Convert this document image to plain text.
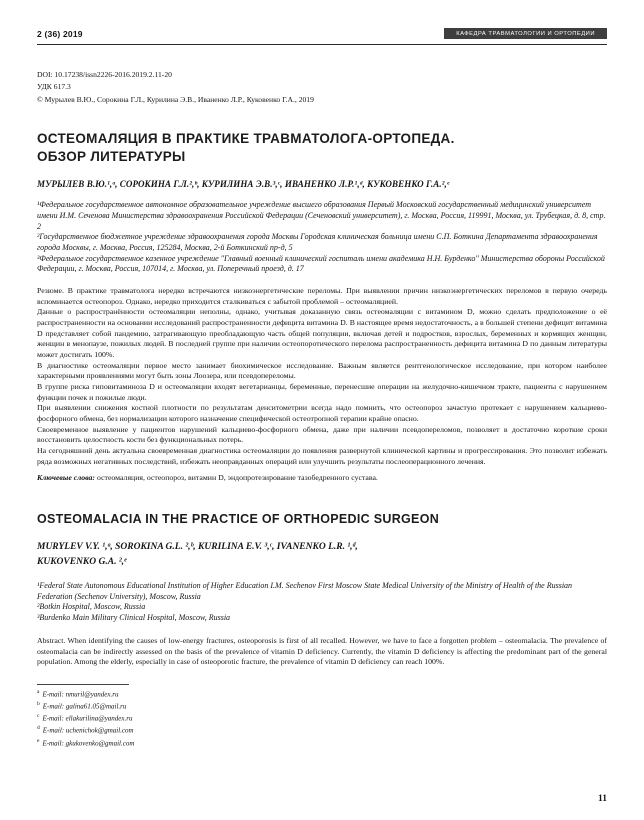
2 (36) 2019	КАФЕДРА ТРАВМАТОЛОГИИ И ОРТОПЕДИИ
DOI: 10.17238/issn2226-2016.2019.2.11-20
УДК 617.3
© Мурылев В.Ю., Сорокина Г.Л., Курилина Э.В., Иваненко Л.Р., Куковенко Г.А., 2019
ОСТЕОМАЛЯЦИЯ В ПРАКТИКЕ ТРАВМАТОЛОГА-ОРТОПЕДА.
ОБЗОР ЛИТЕРАТУРЫ
МУРЫЛЕВ В.Ю.¹,ᵃ, СОРОКИНА Г.Л.²,ᵇ, КУРИЛИНА Э.В.³,ᶜ, ИВАНЕНКО Л.Р.¹,ᵈ, КУКОВЕНКО Г.А.²,ᵉ

¹Федеральное государственное автономное образовательное учреждение высшего образования Первый Московский государственный медицинский университет имени И.М. Сеченова Министерства здравоохранения Российской Федерации (Сеченовский университет), г. Москва, Россия, 119991, Москва, ул. Трубецкая, д. 8, стр. 2

²Государственное бюджетное учреждение здравоохранения города Москвы Городская клиническая больница имени С.П. Боткина Департамента здравоохранения города Москвы, г. Москва, Россия, 125284, Москва, 2-й Боткинский пр-д, 5

³Федеральное государственное казенное учреждение "Главный военный клинический госпиталь имени академика Н.Н. Бурденко" Министерства обороны Российской Федерации, г. Москва, Россия, 107014, г. Москва, ул. Поперечный проезд, д. 17

Резюме. В практике травматолога нередко встречаются низкоэнергетические переломы. При выявлении причин низкоэнергетических переломов в первую очередь вспоминается остеопороз. Однако, нередко приходится сталкиваться с забытой проблемой – остеомаляцией.

Данные о распространённости остеомаляции неполны, однако, учитывая доказанную связь остеомаляции с витамином D, можно сделать предположение о её распространенности на основании исследований распространенности дефицита витамина D. В настоящее время недостаточность, а в большей степени дефицит витамина D представляет собой пандемию, затрагивающую преобладающую часть общей популяции, включая детей и подростков, взрослых, беременных и кормящих женщин, женщин в менопаузе, пожилых людей. В последней группе при наличии остеопоротического перелома распространенность дефицита витамина D по данным литературы может достигать 100%.

В диагностике остеомаляции первое место занимает биохимическое исследование. Важным является рентгенологическое исследование, при котором наиболее характерными проявлениями могут быть зоны Лоозера, или псевдопереломы.

В группе риска гиповитаминоза D и остеомаляции входят вегетарианцы, беременные, перенесшие операции на желудочно-кишечном тракте, пациенты с нарушением функции почек и пожилые люди.

При выявлении снижения костной плотности по результатам денситометрии всегда надо помнить, что остеопороз зачастую протекает с нарушением кальциево-фосфорного обмена, без нормализации которого назначение специфической остеотропной терапии крайне опасно.

Своевременное выявление у пациентов нарушений кальциево-фосфорного обмена, даже при наличии псевдопереломов, позволяет в достаточно короткие сроки восстановить целостность кости без функциональных потерь.

На сегодняшний день актуальна своевременная диагностика остеомаляции до появления развернутой клинической картины и прогрессирования. Это позволит избежать ряда возможных негативных последствий, избежать неоправданных операций или улучшить результаты послеоперационного лечения.

Ключевые слова: остеомаляция, остеопороз, витамин D, эндопротезирование тазобедренного сустава.
OSTEOMALACIA IN THE PRACTICE OF ORTHOPEDIC SURGEON
MURYLEV V.Y. ¹,ᵃ, SOROKINA G.L. ²,ᵇ, KURILINA E.V. ³,ᶜ, IVANENKO L.R. ¹,ᵈ,
KUKOVENKO G.A. ²,ᵉ

¹Federal State Autonomous Educational Institution of Higher Education I.M. Sechenov First Moscow State Medical University of the Ministry of Health of the Russian Federation (Sechenov University), Moscow, Russia

²Botkin Hospital, Moscow, Russia

³Burdenko Main Military Clinical Hospital, Moscow, Russia

Abstract. When identifying the causes of low-energy fractures, osteoporosis is first of all recalled. However, we have to face a forgotten problem – osteomalacia. The prevalence of osteomalacia can be indirectly assessed on the basis of the prevalence of vitamin D deficiency. Currently, the vitamin D deficiency is affecting the predominant part of the general population. Among the elderly, especially in case of osteoporotic fracture, the prevalence of vitamin D deficiency can reach 100%.
$^a$ E-mail: nmuril@yandex.ru
$^b$ E-mail: galina61.05@mail.ru
$^c$ E-mail: ellakurilina@yandex.ru
$^d$ E-mail: uchenichok@gmail.com
$^e$ E-mail: gkukovenko@gmail.com
11
